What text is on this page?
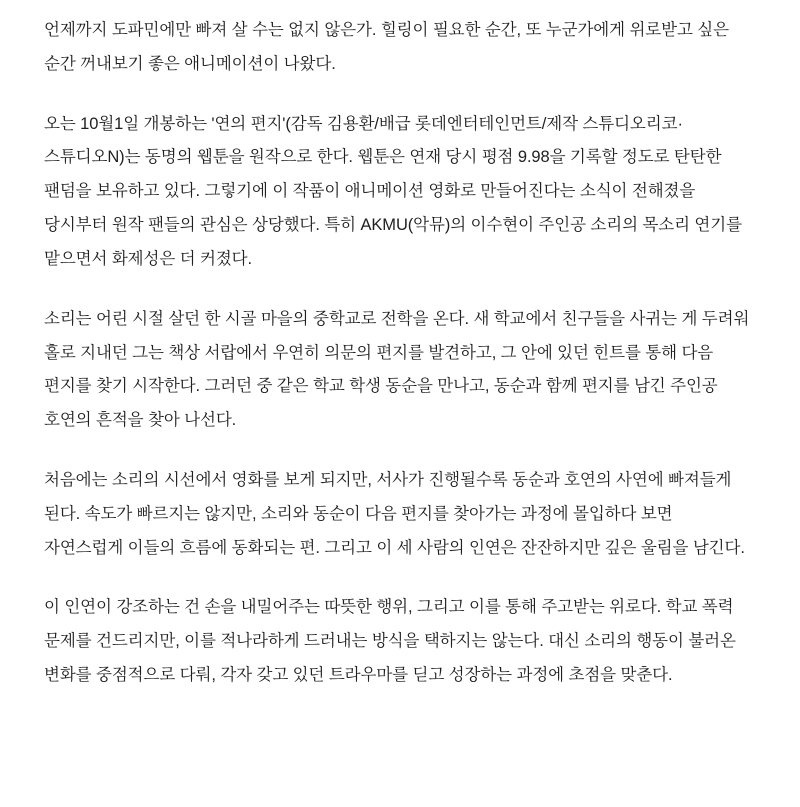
언제까지 도파민에만 빠져 살 수는 없지 않은가. 힐링이 필요한 순간, 또 누군가에게 위로받고 싶은 순간 꺼내보기 좋은 애니메이션이 나왔다.

오는 10월1일 개봉하는 '연의 편지'(감독 김용환/배급 롯데엔터테인먼트/제작 스튜디오리코·스튜디오N)는 동명의 웹툰을 원작으로 한다. 웹툰은 연재 당시 평점 9.98을 기록할 정도로 탄탄한 팬덤을 보유하고 있다. 그렇기에 이 작품이 애니메이션 영화로 만들어진다는 소식이 전해졌을 당시부터 원작 팬들의 관심은 상당했다. 특히 AKMU(악뮤)의 이수현이 주인공 소리의 목소리 연기를 맡으면서 화제성은 더 커졌다.

소리는 어린 시절 살던 한 시골 마을의 중학교로 전학을 온다. 새 학교에서 친구들을 사귀는 게 두려워 홀로 지내던 그는 책상 서랍에서 우연히 의문의 편지를 발견하고, 그 안에 있던 힌트를 통해 다음 편지를 찾기 시작한다. 그러던 중 같은 학교 학생 동순을 만나고, 동순과 함께 편지를 남긴 주인공 호연의 흔적을 찾아 나선다.

처음에는 소리의 시선에서 영화를 보게 되지만, 서사가 진행될수록 동순과 호연의 사연에 빠져들게 된다. 속도가 빠르지는 않지만, 소리와 동순이 다음 편지를 찾아가는 과정에 몰입하다 보면 자연스럽게 이들의 흐름에 동화되는 편. 그리고 이 세 사람의 인연은 잔잔하지만 깊은 울림을 남긴다.

이 인연이 강조하는 건 손을 내밀어주는 따뜻한 행위, 그리고 이를 통해 주고받는 위로다. 학교 폭력 문제를 건드리지만, 이를 적나라하게 드러내는 방식을 택하지는 않는다. 대신 소리의 행동이 불러온 변화를 중점적으로 다뤄, 각자 갖고 있던 트라우마를 딛고 성장하는 과정에 초점을 맞춘다.
